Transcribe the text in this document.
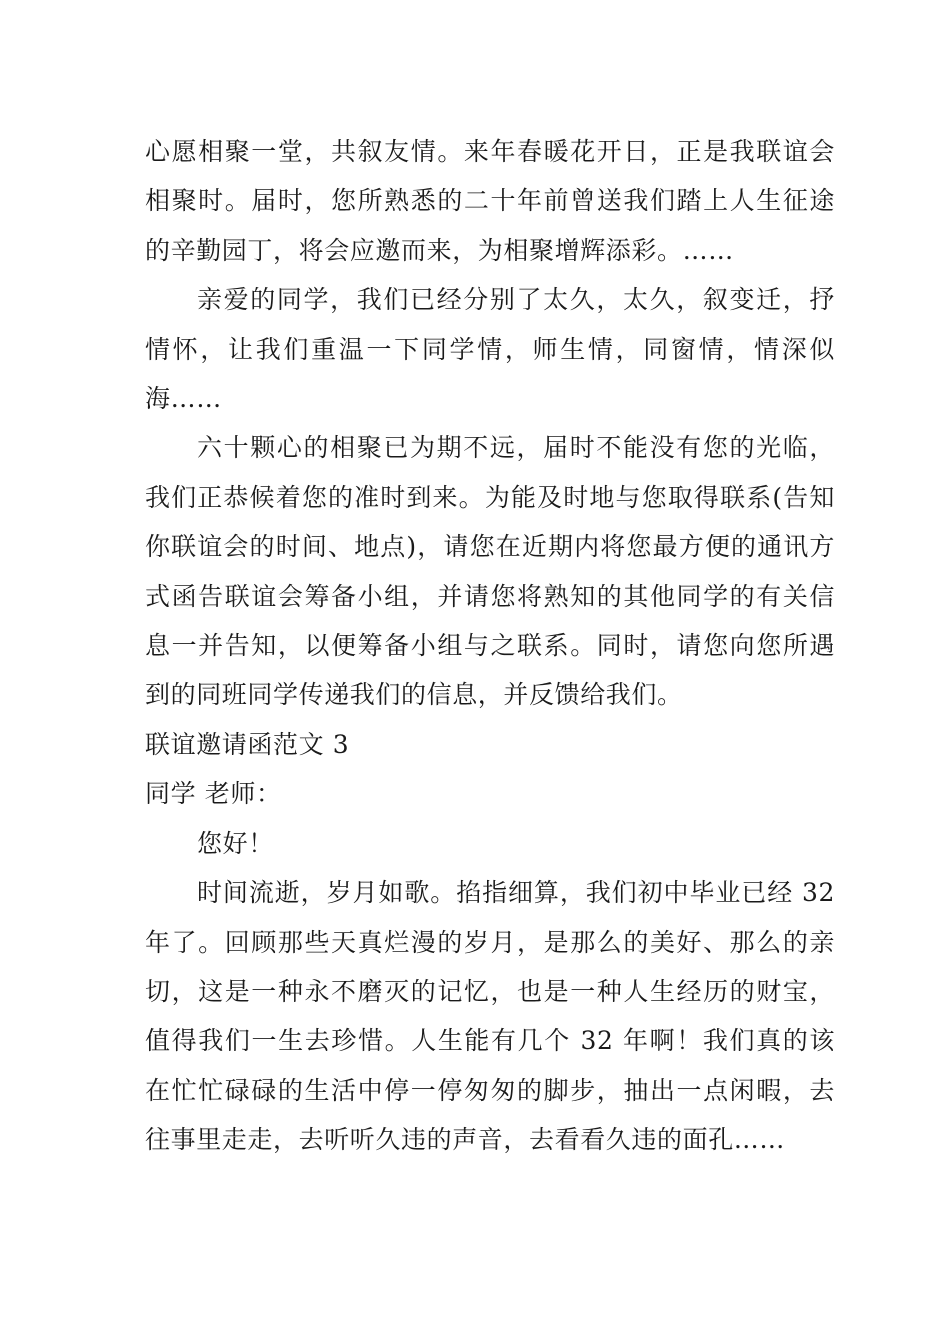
心愿相聚一堂，共叙友情。来年春暖花开日，正是我联谊会相聚时。届时，您所熟悉的二十年前曾送我们踏上人生征途的辛勤园丁，将会应邀而来，为相聚增辉添彩。……

亲爱的同学，我们已经分别了太久，太久，叙变迁，抒情怀，让我们重温一下同学情，师生情，同窗情，情深似海……

六十颗心的相聚已为期不远，届时不能没有您的光临，我们正恭候着您的准时到来。为能及时地与您取得联系(告知你联谊会的时间、地点)，请您在近期内将您最方便的通讯方式函告联谊会筹备小组，并请您将熟知的其他同学的有关信息一并告知，以便筹备小组与之联系。同时，请您向您所遇到的同班同学传递我们的信息，并反馈给我们。

联谊邀请函范文 3

同学 老师：

您好！

时间流逝，岁月如歌。掐指细算，我们初中毕业已经 32 年了。回顾那些天真烂漫的岁月，是那么的美好、那么的亲切，这是一种永不磨灭的记忆，也是一种人生经历的财宝，值得我们一生去珍惜。人生能有几个 32 年啊！我们真的该在忙忙碌碌的生活中停一停匆匆的脚步，抽出一点闲暇，去往事里走走，去听听久违的声音，去看看久违的面孔……
